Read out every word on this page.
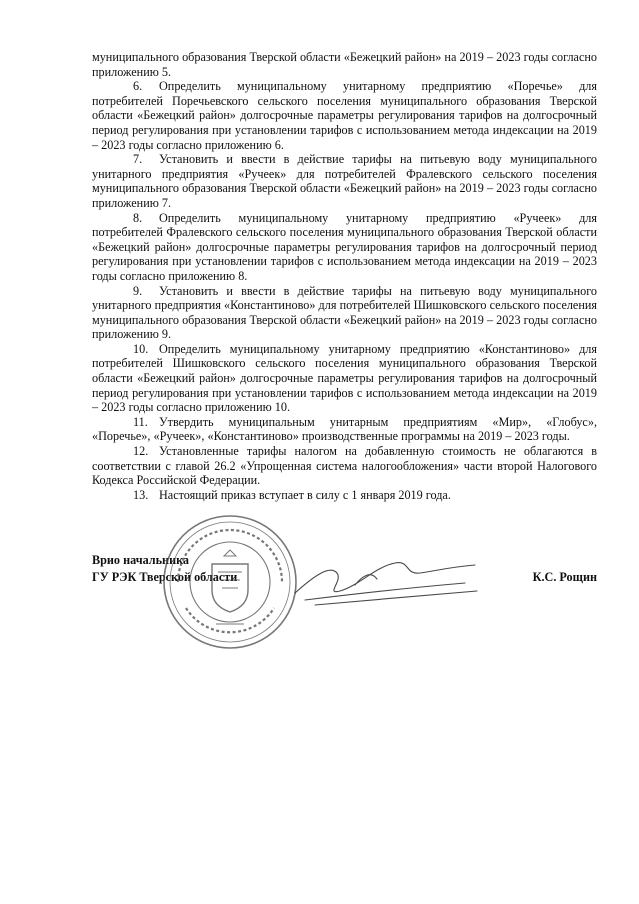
муниципального образования Тверской области «Бежецкий район» на 2019 – 2023 годы согласно приложению 5.

6. Определить муниципальному унитарному предприятию «Поречье» для потребителей Поречьевского сельского поселения муниципального образования Тверской области «Бежецкий район» долгосрочные параметры регулирования тарифов на долгосрочный период регулирования при установлении тарифов с использованием метода индексации на 2019 – 2023 годы согласно приложению 6.

7. Установить и ввести в действие тарифы на питьевую воду муниципального унитарного предприятия «Ручеек» для потребителей Фралевского сельского поселения муниципального образования Тверской области «Бежецкий район» на 2019 – 2023 годы согласно приложению 7.

8. Определить муниципальному унитарному предприятию «Ручеек» для потребителей Фралевского сельского поселения муниципального образования Тверской области «Бежецкий район» долгосрочные параметры регулирования тарифов на долгосрочный период регулирования при установлении тарифов с использованием метода индексации на 2019 – 2023 годы согласно приложению 8.

9. Установить и ввести в действие тарифы на питьевую воду муниципального унитарного предприятия «Константиново» для потребителей Шишковского сельского поселения муниципального образования Тверской области «Бежецкий район» на 2019 – 2023 годы согласно приложению 9.

10. Определить муниципальному унитарному предприятию «Константиново» для потребителей Шишковского сельского поселения муниципального образования Тверской области «Бежецкий район» долгосрочные параметры регулирования тарифов на долгосрочный период регулирования при установлении тарифов с использованием метода индексации на 2019 – 2023 годы согласно приложению 10.

11. Утвердить муниципальным унитарным предприятиям «Мир», «Глобус», «Поречье», «Ручеек», «Константиново» производственные программы на 2019 – 2023 годы.

12. Установленные тарифы налогом на добавленную стоимость не облагаются в соответствии с главой 26.2 «Упрощенная система налогообложения» части второй Налогового Кодекса Российской Федерации.

13. Настоящий приказ вступает в силу с 1 января 2019 года.

Врио начальника
ГУ РЭК Тверской области	К.С. Рощин
